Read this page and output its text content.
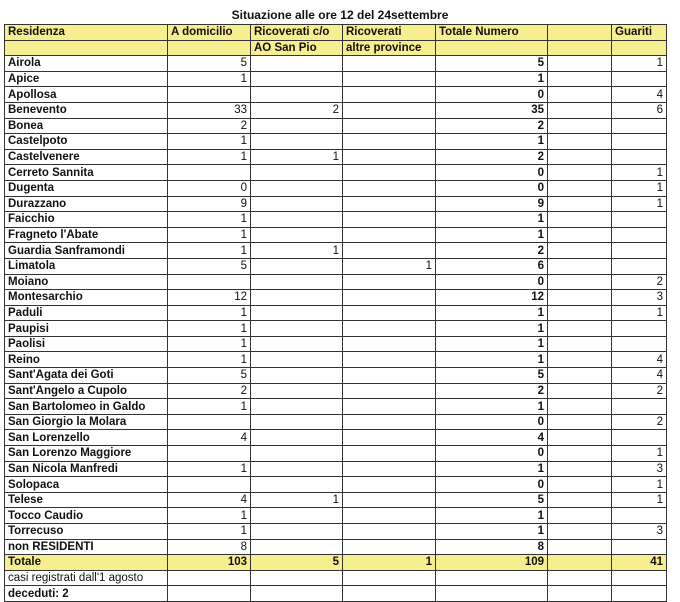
Situazione alle ore 12 del 24settembre
Residenza	A domicilio	Ricoverati c/o	Ricoverati	Totale Numero		Guariti
		AO San Pio	altre province			
Airola	5			5		1
Apice	1			1		
Apollosa				0		4
Benevento	33	2		35		6
Bonea	2			2		
Castelpoto	1			1		
Castelvenere	1	1		2		
Cerreto Sannita				0		1
Dugenta	0			0		1
Durazzano	9			9		1
Faicchio	1			1		
Fragneto l'Abate	1			1		
Guardia Sanframondi	1	1		2		
Limatola	5		1	6		
Moiano				0		2
Montesarchio	12			12		3
Paduli	1			1		1
Paupisi	1			1		
Paolisi	1			1		
Reino	1			1		4
Sant'Agata dei Goti	5			5		4
Sant'Angelo a Cupolo	2			2		2
San Bartolomeo in Galdo	1			1		
San Giorgio la Molara				0		2
San Lorenzello	4			4		
San Lorenzo Maggiore				0		1
San Nicola Manfredi	1			1		3
Solopaca				0		1
Telese	4	1		5		1
Tocco Caudio	1			1		
Torrecuso	1			1		3
non RESIDENTI	8			8		
Totale	103	5	1	109		41
casi registrati dall'1 agosto						
deceduti: 2						
